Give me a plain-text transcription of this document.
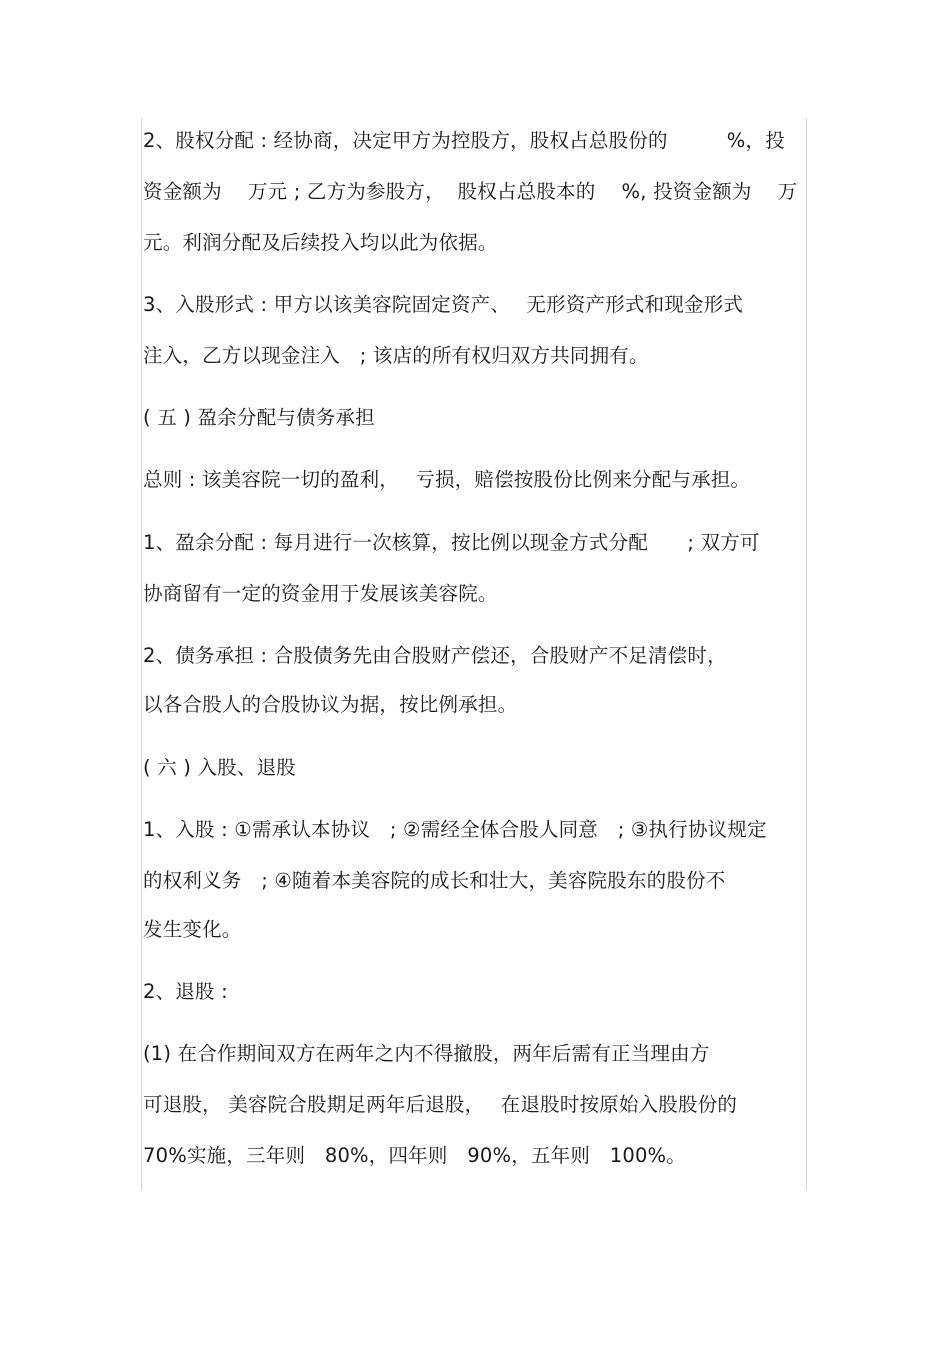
2、股权分配 : 经协商，决定甲方为控股方，股权占总股份的　　　%，投
资金额为　 万元 ; 乙方为参股方，  股权占总股本的　 %, 投资金额为　 万
元。利润分配及后续投入均以此为依据。
3、入股形式 : 甲方以该美容院固定资产、　 无形资产形式和现金形式
注入，乙方以现金注入　; 该店的所有权归双方共同拥有。
( 五 ) 盈余分配与债务承担
总则 : 该美容院一切的盈利，　 亏损，赔偿按股份比例来分配与承担。
1、盈余分配 : 每月进行一次核算，按比例以现金方式分配　　; 双方可
协商留有一定的资金用于发展该美容院。
2、债务承担 : 合股债务先由合股财产偿还，合股财产不足清偿时，
以各合股人的合股协议为据，按比例承担。
( 六 ) 入股、退股
1、入股 : ①需承认本协议　; ②需经全体合股人同意　; ③执行协议规定
的权利义务　; ④随着本美容院的成长和壮大，美容院股东的股份不
发生变化。
2、退股 :
(1) 在合作期间双方在两年之内不得撤股，两年后需有正当理由方
可退股， 美容院合股期足两年后退股，　 在退股时按原始入股股份的
70%实施，三年则　80%，四年则　90%，五年则　100%。
